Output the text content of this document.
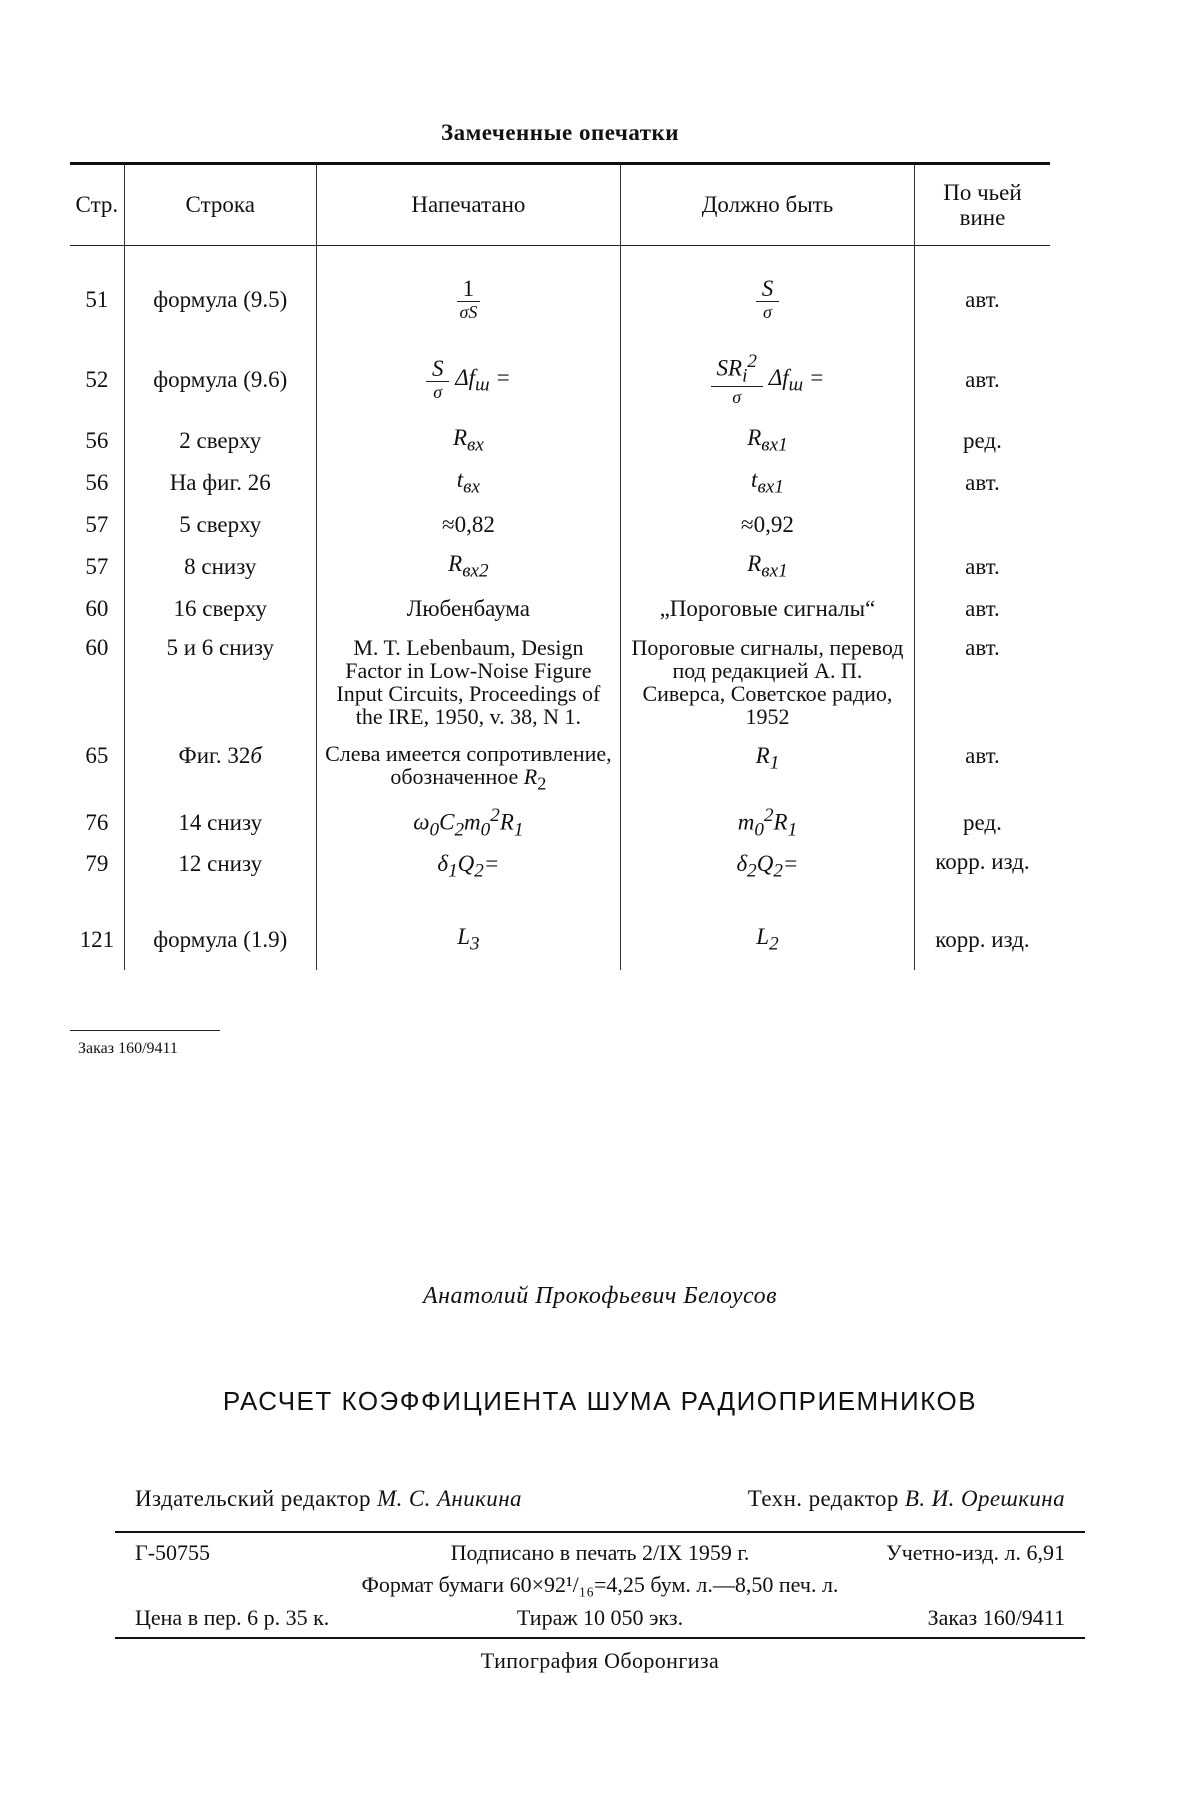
Замеченные опечатки
Стр.	Строка	Напечатано	Должно быть	По чьей вине

51	формула (9.5)	$\frac{1}{\sigma S}$	$\frac{S}{\sigma}$	авт.
52	формула (9.6)	$\frac{S}{\sigma} \Delta f_ш$ =	$\frac{SR_i^2}{\sigma} \Delta f_ш$ =	авт.
56	2 сверху	$R_{вх}$	$R_{вх1}$	ред.
56	На фиг. 26	$t_{вх}$	$t_{вх1}$	авт.
57	5 сверху	≈0,82	≈0,92	
57	8 снизу	$R_{вх2}$	$R_{вх1}$	авт.
60	16 сверху	Любенбаума	„Пороговые сигналы“	авт.
60	5 и 6 снизу	M. T. Lebenbaum, Design Factor in Low-Noise Figure Input Circuits, Proceedings of the IRE, 1950, v. 38, N 1.	Пороговые сигналы, перевод под редакцией А. П. Сиверса, Советское радио, 1952	авт.
65	Фиг. 32б	Слева имеется сопротивление, обозначенное $R_2$	$R_1$	авт.
76	14 снизу	$\omega_0C_2m_0^2R_1$	$m_0^2R_1$	ред.
79	12 снизу	$\delta_1Q_2=$	$\delta_2Q_2=$	корр. изд.
121	формула (1.9)	$L_3$	$L_2$	корр. изд.
Заказ 160/9411
Анатолий Прокофьевич Белоусов
РАСЧЕТ КОЭФФИЦИЕНТА ШУМА РАДИОПРИЕМНИКОВ
Издательский редактор М. С. Аникина	Техн. редактор В. И. Орешкина
Г-50755	Подписано в печать 2/IX 1959 г.	Учетно-изд. л. 6,91
Формат бумаги 60×92¹/₁₆=4,25 бум. л.—8,50 печ. л.
Цена в пер. 6 р. 35 к.	Тираж 10 050 экз.	Заказ 160/9411
Типография Оборонгиза
